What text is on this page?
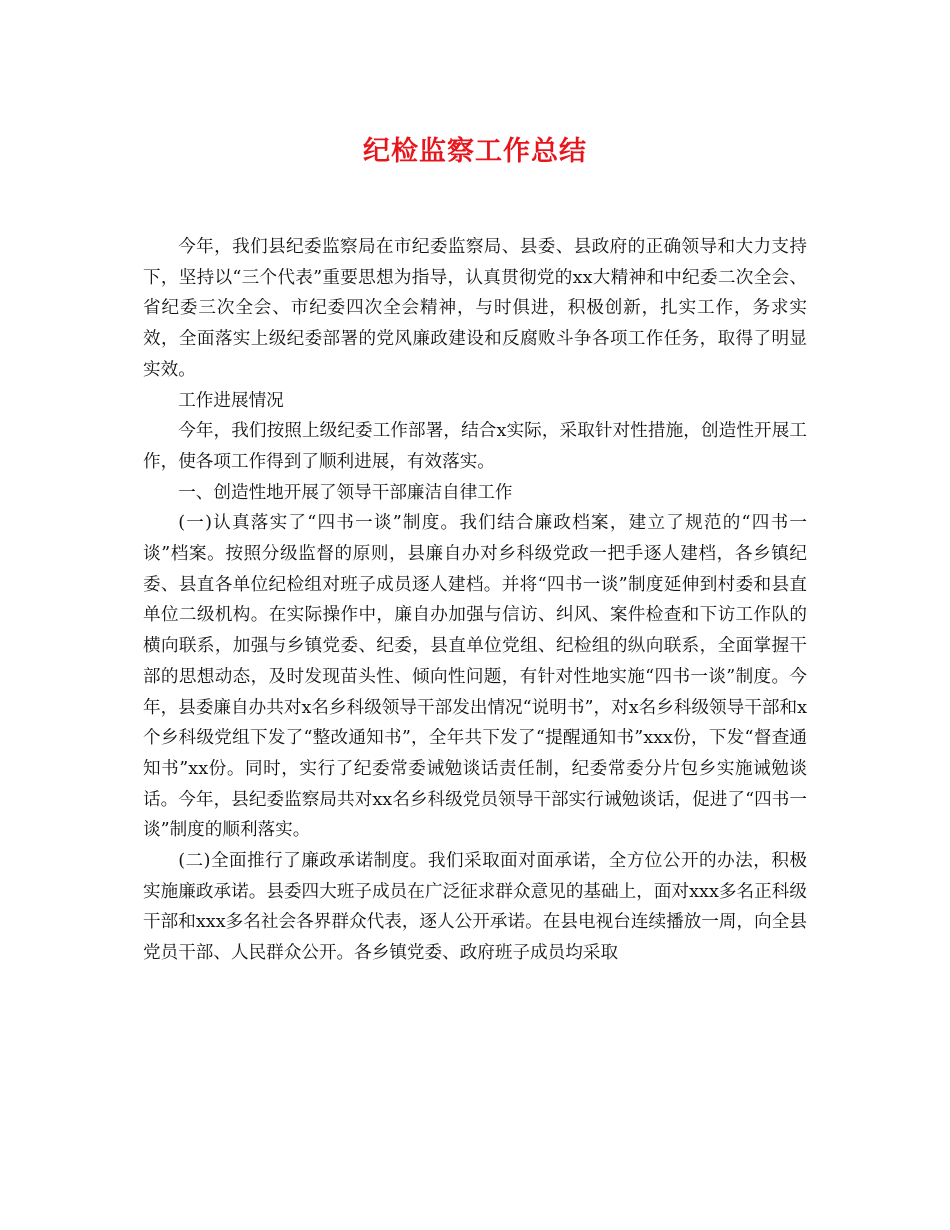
纪检监察工作总结

今年，我们县纪委监察局在市纪委监察局、县委、县政府的正确领导和大力支持下，坚持以“三个代表”重要思想为指导，认真贯彻党的xx大精神和中纪委二次全会、省纪委三次全会、市纪委四次全会精神，与时俱进，积极创新，扎实工作，务求实效，全面落实上级纪委部署的党风廉政建设和反腐败斗争各项工作任务，取得了明显实效。

工作进展情况

今年，我们按照上级纪委工作部署，结合x实际，采取针对性措施，创造性开展工作，使各项工作得到了顺利进展，有效落实。

一、创造性地开展了领导干部廉洁自律工作

(一)认真落实了“四书一谈”制度。我们结合廉政档案，建立了规范的“四书一谈”档案。按照分级监督的原则，县廉自办对乡科级党政一把手逐人建档，各乡镇纪委、县直各单位纪检组对班子成员逐人建档。并将“四书一谈”制度延伸到村委和县直单位二级机构。在实际操作中，廉自办加强与信访、纠风、案件检查和下访工作队的横向联系，加强与乡镇党委、纪委，县直单位党组、纪检组的纵向联系，全面掌握干部的思想动态，及时发现苗头性、倾向性问题，有针对性地实施“四书一谈”制度。今年，县委廉自办共对x名乡科级领导干部发出情况“说明书”，对x名乡科级领导干部和x个乡科级党组下发了“整改通知书”，全年共下发了“提醒通知书”xxx份，下发“督查通知书”xx份。同时，实行了纪委常委诫勉谈话责任制，纪委常委分片包乡实施诫勉谈话。今年，县纪委监察局共对xx名乡科级党员领导干部实行诫勉谈话，促进了“四书一谈”制度的顺利落实。

(二)全面推行了廉政承诺制度。我们采取面对面承诺，全方位公开的办法，积极实施廉政承诺。县委四大班子成员在广泛征求群众意见的基础上，面对xxx多名正科级干部和xxx多名社会各界群众代表，逐人公开承诺。在县电视台连续播放一周，向全县党员干部、人民群众公开。各乡镇党委、政府班子成员均采取
